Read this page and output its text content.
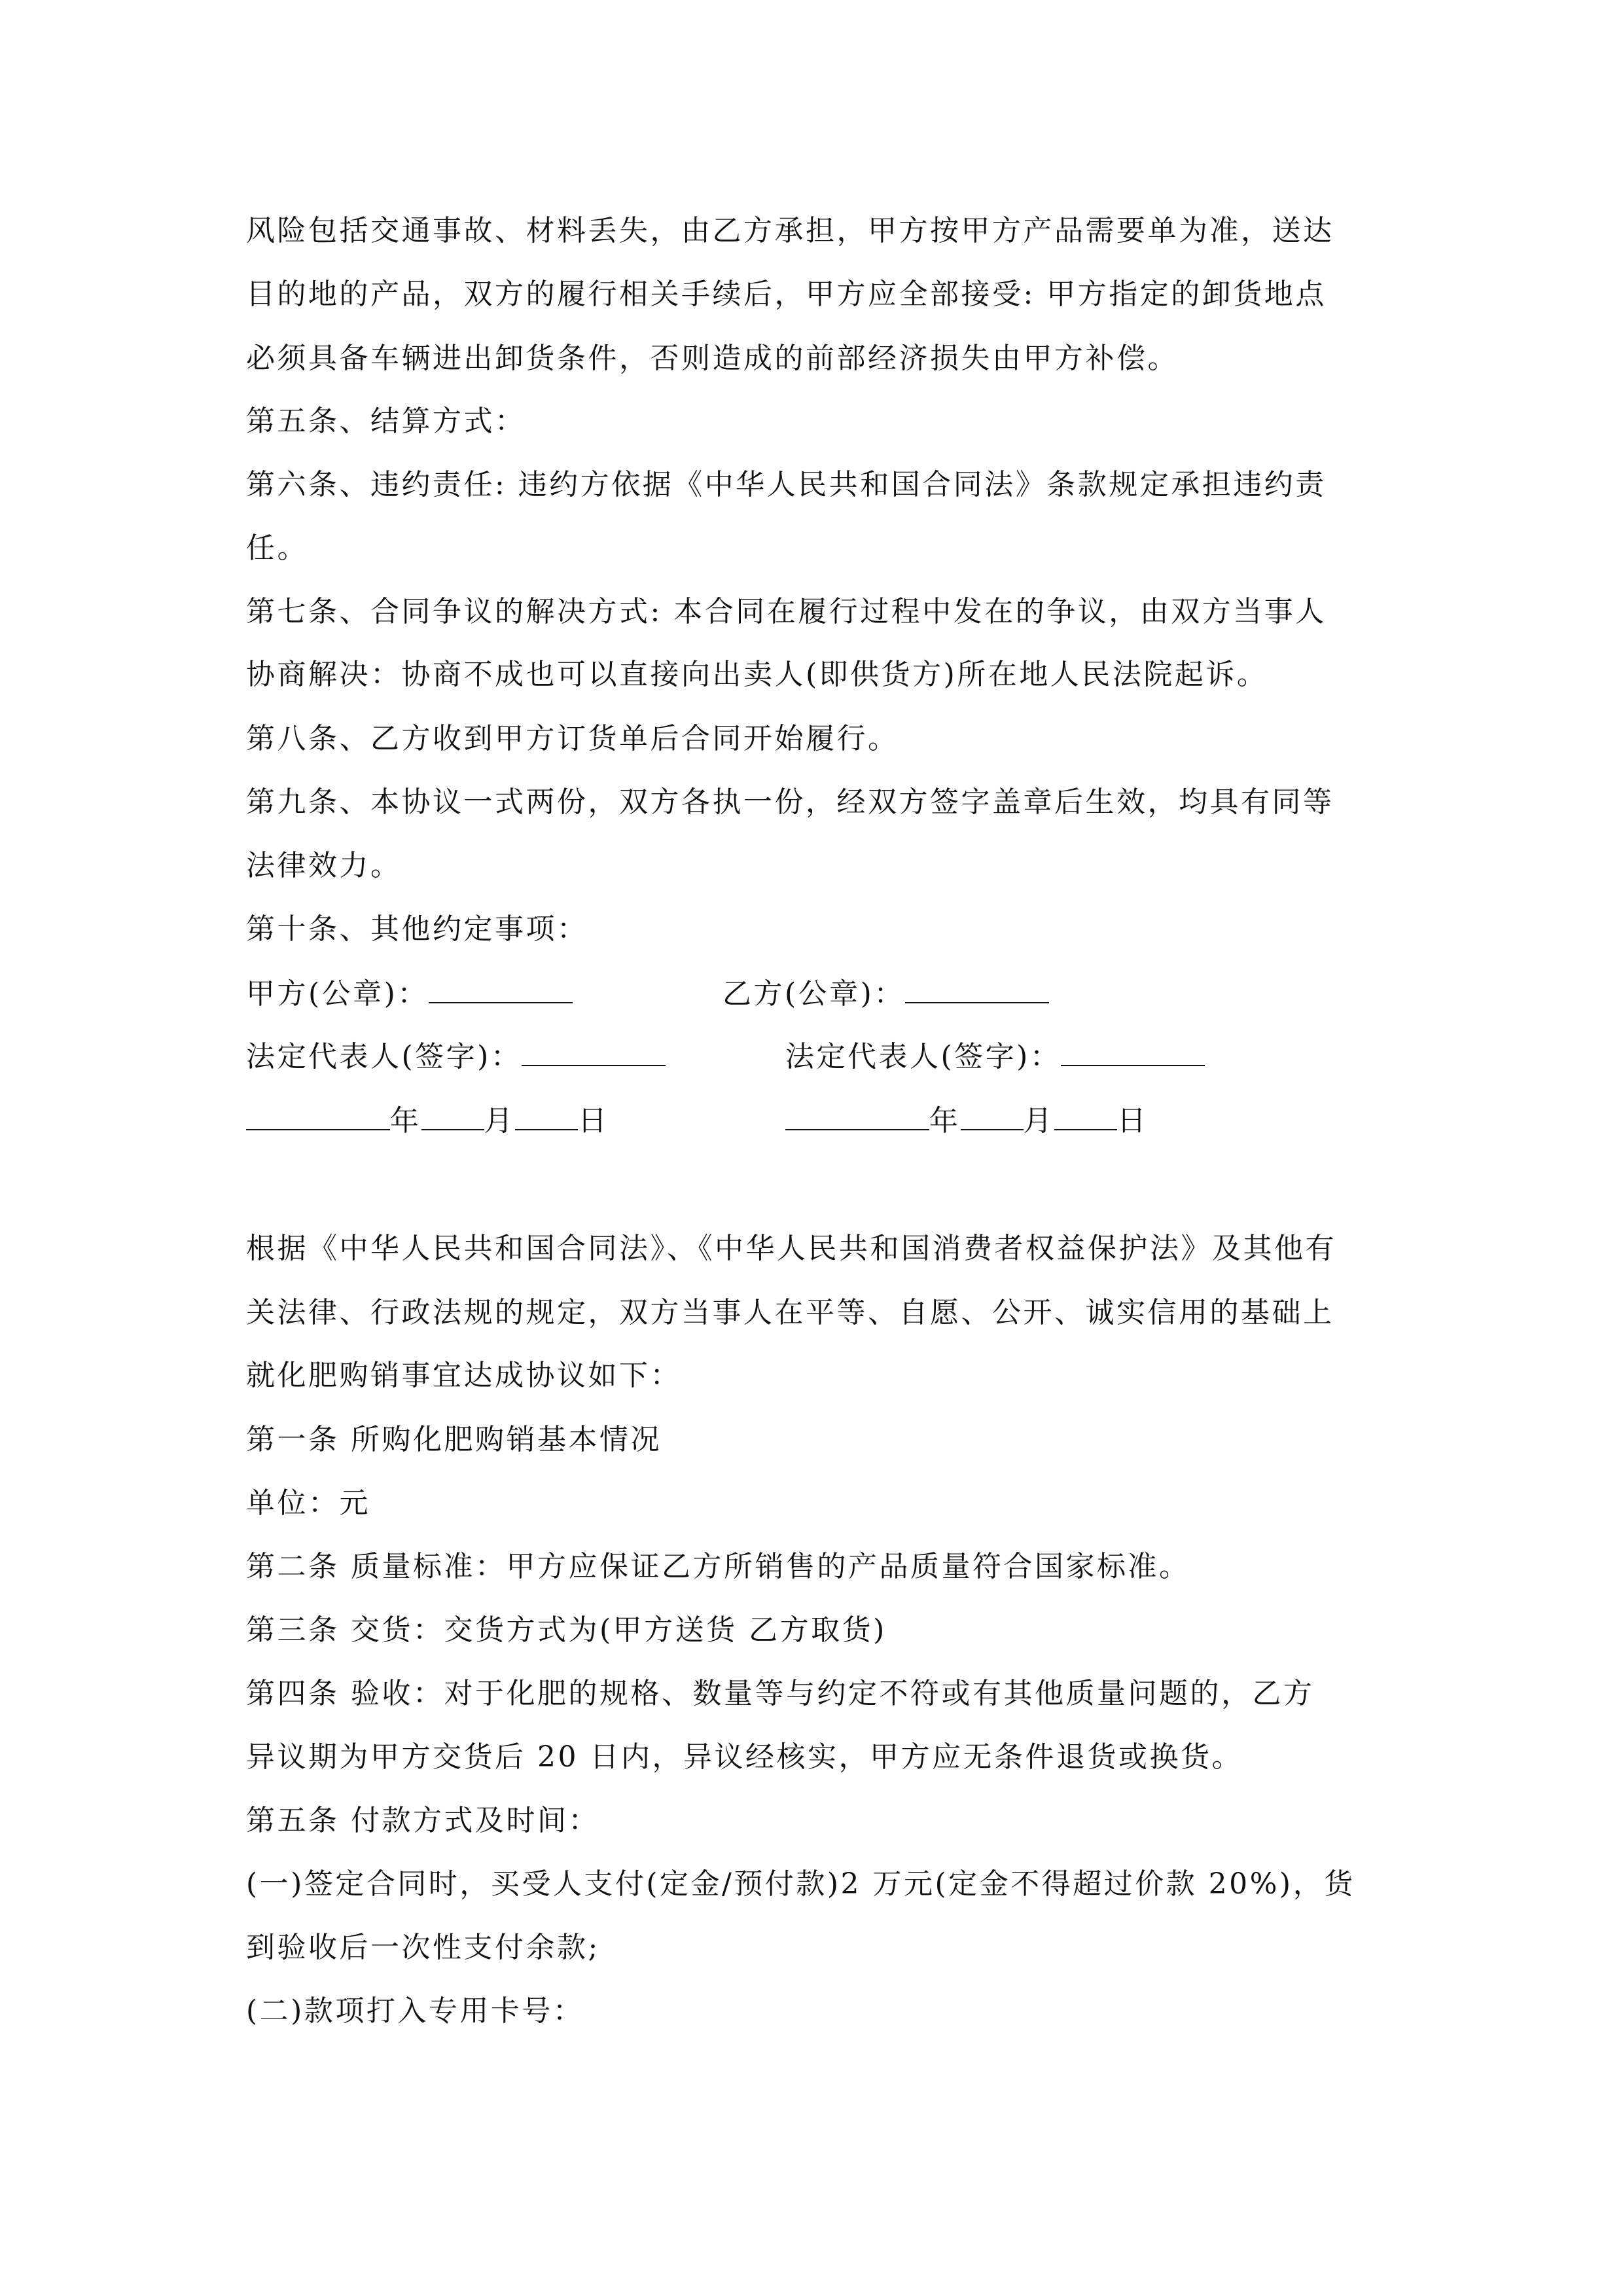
风险包括交通事故、材料丢失，由乙方承担，甲方按甲方产品需要单为准，送达
目的地的产品，双方的履行相关手续后，甲方应全部接受: 甲方指定的卸货地点
必须具备车辆进出卸货条件，否则造成的前部经济损失由甲方补偿。
第五条、结算方式：
第六条、违约责任: 违约方依据《中华人民共和国合同法》条款规定承担违约责
任。
第七条、合同争议的解决方式: 本合同在履行过程中发在的争议，由双方当事人
协商解决：协商不成也可以直接向出卖人(即供货方)所在地人民法院起诉。
第八条、乙方收到甲方订货单后合同开始履行。
第九条、本协议一式两份，双方各执一份，经双方签字盖章后生效，均具有同等
法律效力。
第十条、其他约定事项：
甲方(公章)：	乙方(公章)：
法定代表人(签字)：	法定代表人(签字)：
年 月 日	年 月 日
根据《中华人民共和国合同法》、《中华人民共和国消费者权益保护法》及其他有
关法律、行政法规的规定，双方当事人在平等、自愿、公开、诚实信用的基础上
就化肥购销事宜达成协议如下：
第一条 所购化肥购销基本情况
单位：元
第二条 质量标准：甲方应保证乙方所销售的产品质量符合国家标准。
第三条 交货：交货方式为(甲方送货 乙方取货)
第四条 验收：对于化肥的规格、数量等与约定不符或有其他质量问题的，乙方
异议期为甲方交货后 20 日内，异议经核实，甲方应无条件退货或换货。
第五条 付款方式及时间：
(一)签定合同时，买受人支付(定金/预付款)2 万元(定金不得超过价款 20%)，货
到验收后一次性支付余款;
(二)款项打入专用卡号：
